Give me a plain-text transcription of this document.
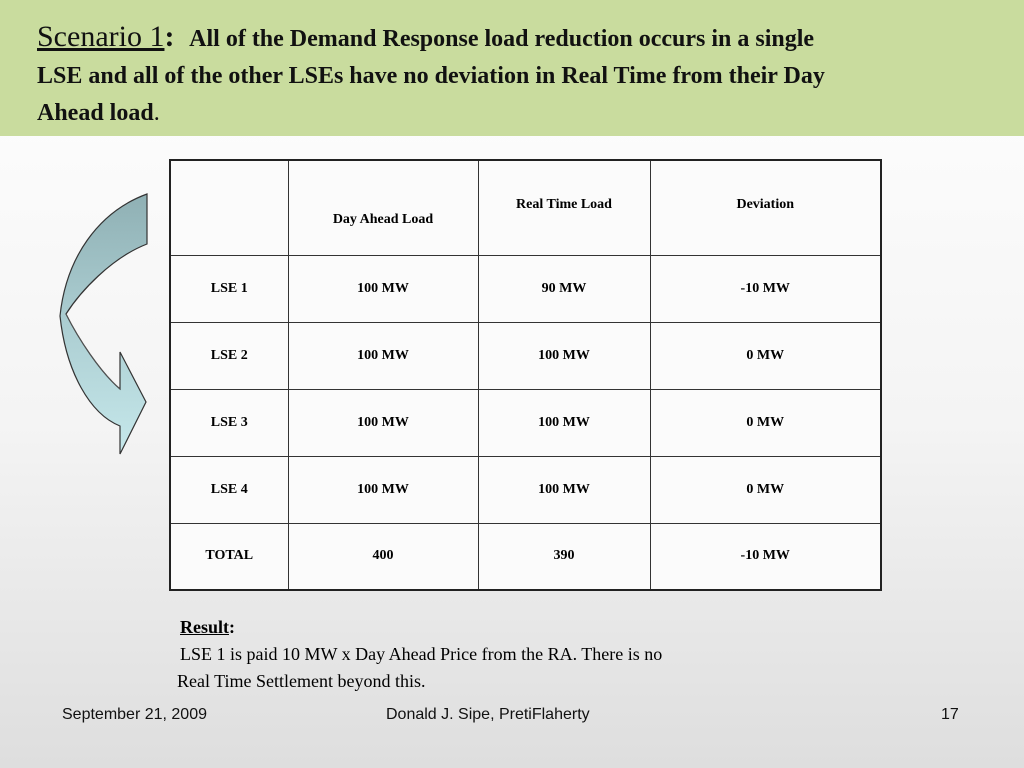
Scenario 1: All of the Demand Response load reduction occurs in a single
LSE and all of the other LSEs have no deviation in Real Time from their Day
Ahead load.
	Day Ahead Load	Real Time Load	Deviation
LSE 1	100 MW	90 MW	-10 MW
LSE 2	100 MW	100 MW	0 MW
LSE 3	100 MW	100 MW	0 MW
LSE 4	100 MW	100 MW	0 MW
TOTAL	400	390	-10 MW
Result:
LSE 1 is paid 10 MW x Day Ahead Price from the RA. There is no
Real Time Settlement beyond this.
September 21, 2009	Donald J. Sipe, PretiFlaherty	17
